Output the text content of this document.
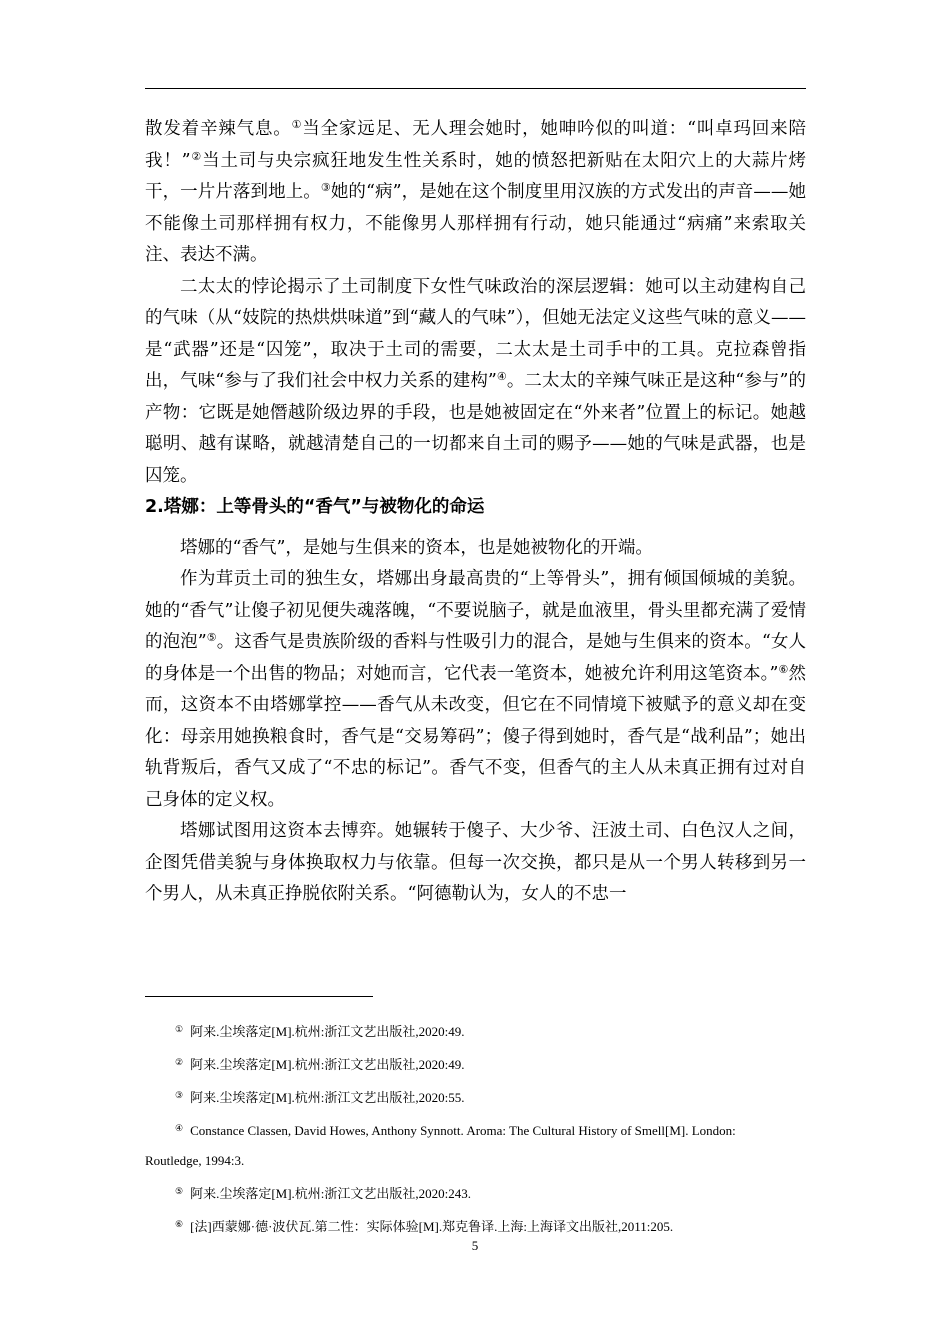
散发着辛辣气息。①当全家远足、无人理会她时，她呻吟似的叫道：“叫卓玛回来陪我！”②当土司与央宗疯狂地发生性关系时，她的愤怒把新贴在太阳穴上的大蒜片烤干，一片片落到地上。③她的“病”，是她在这个制度里用汉族的方式发出的声音——她不能像土司那样拥有权力，不能像男人那样拥有行动，她只能通过“病痛”来索取关注、表达不满。

二太太的悖论揭示了土司制度下女性气味政治的深层逻辑：她可以主动建构自己的气味（从“妓院的热烘烘味道”到“藏人的气味”），但她无法定义这些气味的意义——是“武器”还是“囚笼”，取决于土司的需要，二太太是土司手中的工具。克拉森曾指出，气味“参与了我们社会中权力关系的建构”④。二太太的辛辣气味正是这种“参与”的产物：它既是她僭越阶级边界的手段，也是她被固定在“外来者”位置上的标记。她越聪明、越有谋略，就越清楚自己的一切都来自土司的赐予——她的气味是武器，也是囚笼。

2.塔娜：上等骨头的“香气”与被物化的命运

塔娜的“香气”，是她与生俱来的资本，也是她被物化的开端。

作为茸贡土司的独生女，塔娜出身最高贵的“上等骨头”，拥有倾国倾城的美貌。她的“香气”让傻子初见便失魂落魄，“不要说脑子，就是血液里，骨头里都充满了爱情的泡泡”⑤。这香气是贵族阶级的香料与性吸引力的混合，是她与生俱来的资本。“女人的身体是一个出售的物品；对她而言，它代表一笔资本，她被允许利用这笔资本。”⑥然而，这资本不由塔娜掌控——香气从未改变，但它在不同情境下被赋予的意义却在变化：母亲用她换粮食时，香气是“交易筹码”；傻子得到她时，香气是“战利品”；她出轨背叛后，香气又成了“不忠的标记”。香气不变，但香气的主人从未真正拥有过对自己身体的定义权。

塔娜试图用这资本去博弈。她辗转于傻子、大少爷、汪波土司、白色汉人之间，企图凭借美貌与身体换取权力与依靠。但每一次交换，都只是从一个男人转移到另一个男人，从未真正挣脱依附关系。“阿德勒认为，女人的不忠一

① 阿来.尘埃落定[M].杭州:浙江文艺出版社,2020:49.

② 阿来.尘埃落定[M].杭州:浙江文艺出版社,2020:49.

③ 阿来.尘埃落定[M].杭州:浙江文艺出版社,2020:55.

④ Constance Classen, David Howes, Anthony Synnott. Aroma: The Cultural History of Smell[M]. London:
Routledge, 1994:3.

⑤ 阿来.尘埃落定[M].杭州:浙江文艺出版社,2020:243.

⑥ [法]西蒙娜·德·波伏瓦.第二性：实际体验[M].郑克鲁译.上海:上海译文出版社,2011:205.

5
